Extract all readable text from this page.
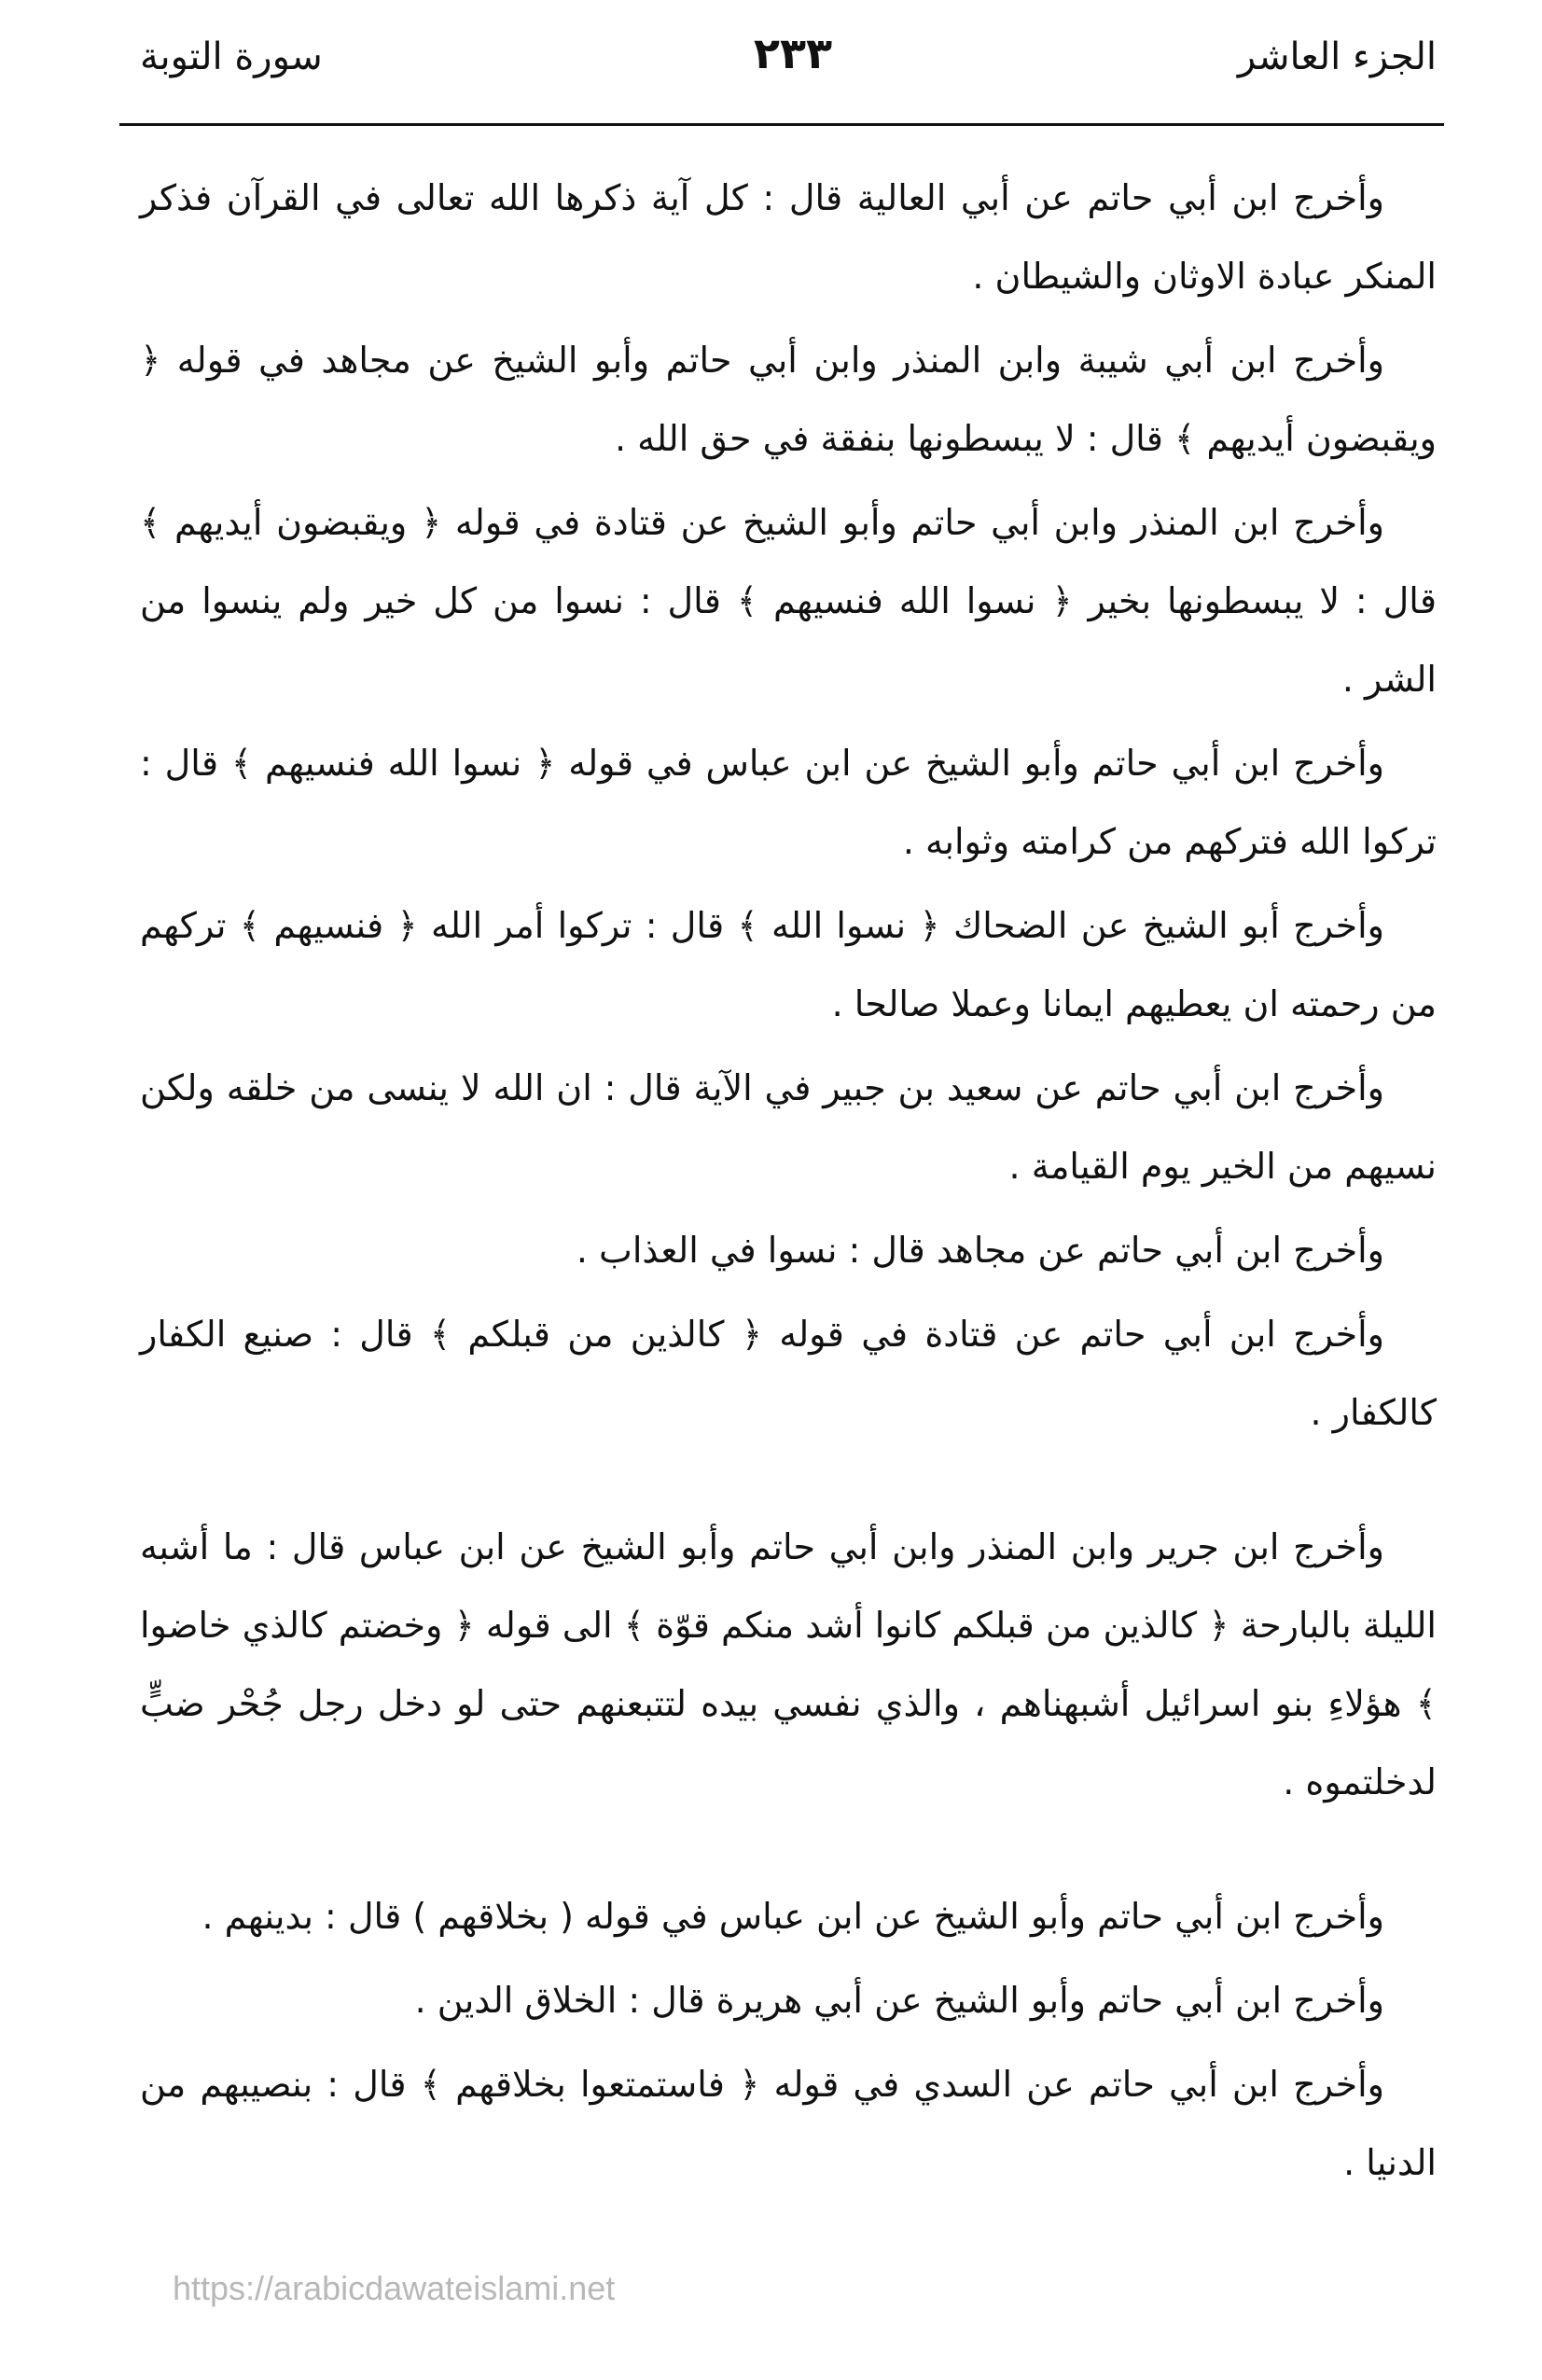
الجزء العاشر
٢٣٣
سورة التوبة

وأخرج ابن أبي حاتم عن أبي العالية قال : كل آية ذكرها الله تعالى في القرآن فذكر المنكر عبادة الاوثان والشيطان .

وأخرج ابن أبي شيبة وابن المنذر وابن أبي حاتم وأبو الشيخ عن مجاهد في قوله ﴿ ويقبضون أيديهم ﴾ قال : لا يبسطونها بنفقة في حق الله .

وأخرج ابن المنذر وابن أبي حاتم وأبو الشيخ عن قتادة في قوله ﴿ ويقبضون أيديهم ﴾ قال : لا يبسطونها بخير ﴿ نسوا الله فنسيهم ﴾ قال : نسوا من كل خير ولم ينسوا من الشر .

وأخرج ابن أبي حاتم وأبو الشيخ عن ابن عباس في قوله ﴿ نسوا الله فنسيهم ﴾ قال : تركوا الله فتركهم من كرامته وثوابه .

وأخرج أبو الشيخ عن الضحاك ﴿ نسوا الله ﴾ قال : تركوا أمر الله ﴿ فنسيهم ﴾ تركهم من رحمته ان يعطيهم ايمانا وعملا صالحا .

وأخرج ابن أبي حاتم عن سعيد بن جبير في الآية قال : ان الله لا ينسى من خلقه ولكن نسيهم من الخير يوم القيامة .

وأخرج ابن أبي حاتم عن مجاهد قال : نسوا في العذاب .

وأخرج ابن أبي حاتم عن قتادة في قوله ﴿ كالذين من قبلكم ﴾ قال : صنيع الكفار كالكفار .

وأخرج ابن جرير وابن المنذر وابن أبي حاتم وأبو الشيخ عن ابن عباس قال : ما أشبه الليلة بالبارحة ﴿ كالذين من قبلكم كانوا أشد منكم قوّة ﴾ الى قوله ﴿ وخضتم كالذي خاضوا ﴾ هؤلاءِ بنو اسرائيل أشبهناهم ، والذي نفسي بيده لتتبعنهم حتى لو دخل رجل جُحْر ضبٍّ لدخلتموه .

وأخرج ابن أبي حاتم وأبو الشيخ عن ابن عباس في قوله ( بخلاقهم ) قال : بدينهم .

وأخرج ابن أبي حاتم وأبو الشيخ عن أبي هريرة قال : الخلاق الدين .

وأخرج ابن أبي حاتم عن السدي في قوله ﴿ فاستمتعوا بخلاقهم ﴾ قال : بنصيبهم من الدنيا .

https://arabicdawateislami.net
